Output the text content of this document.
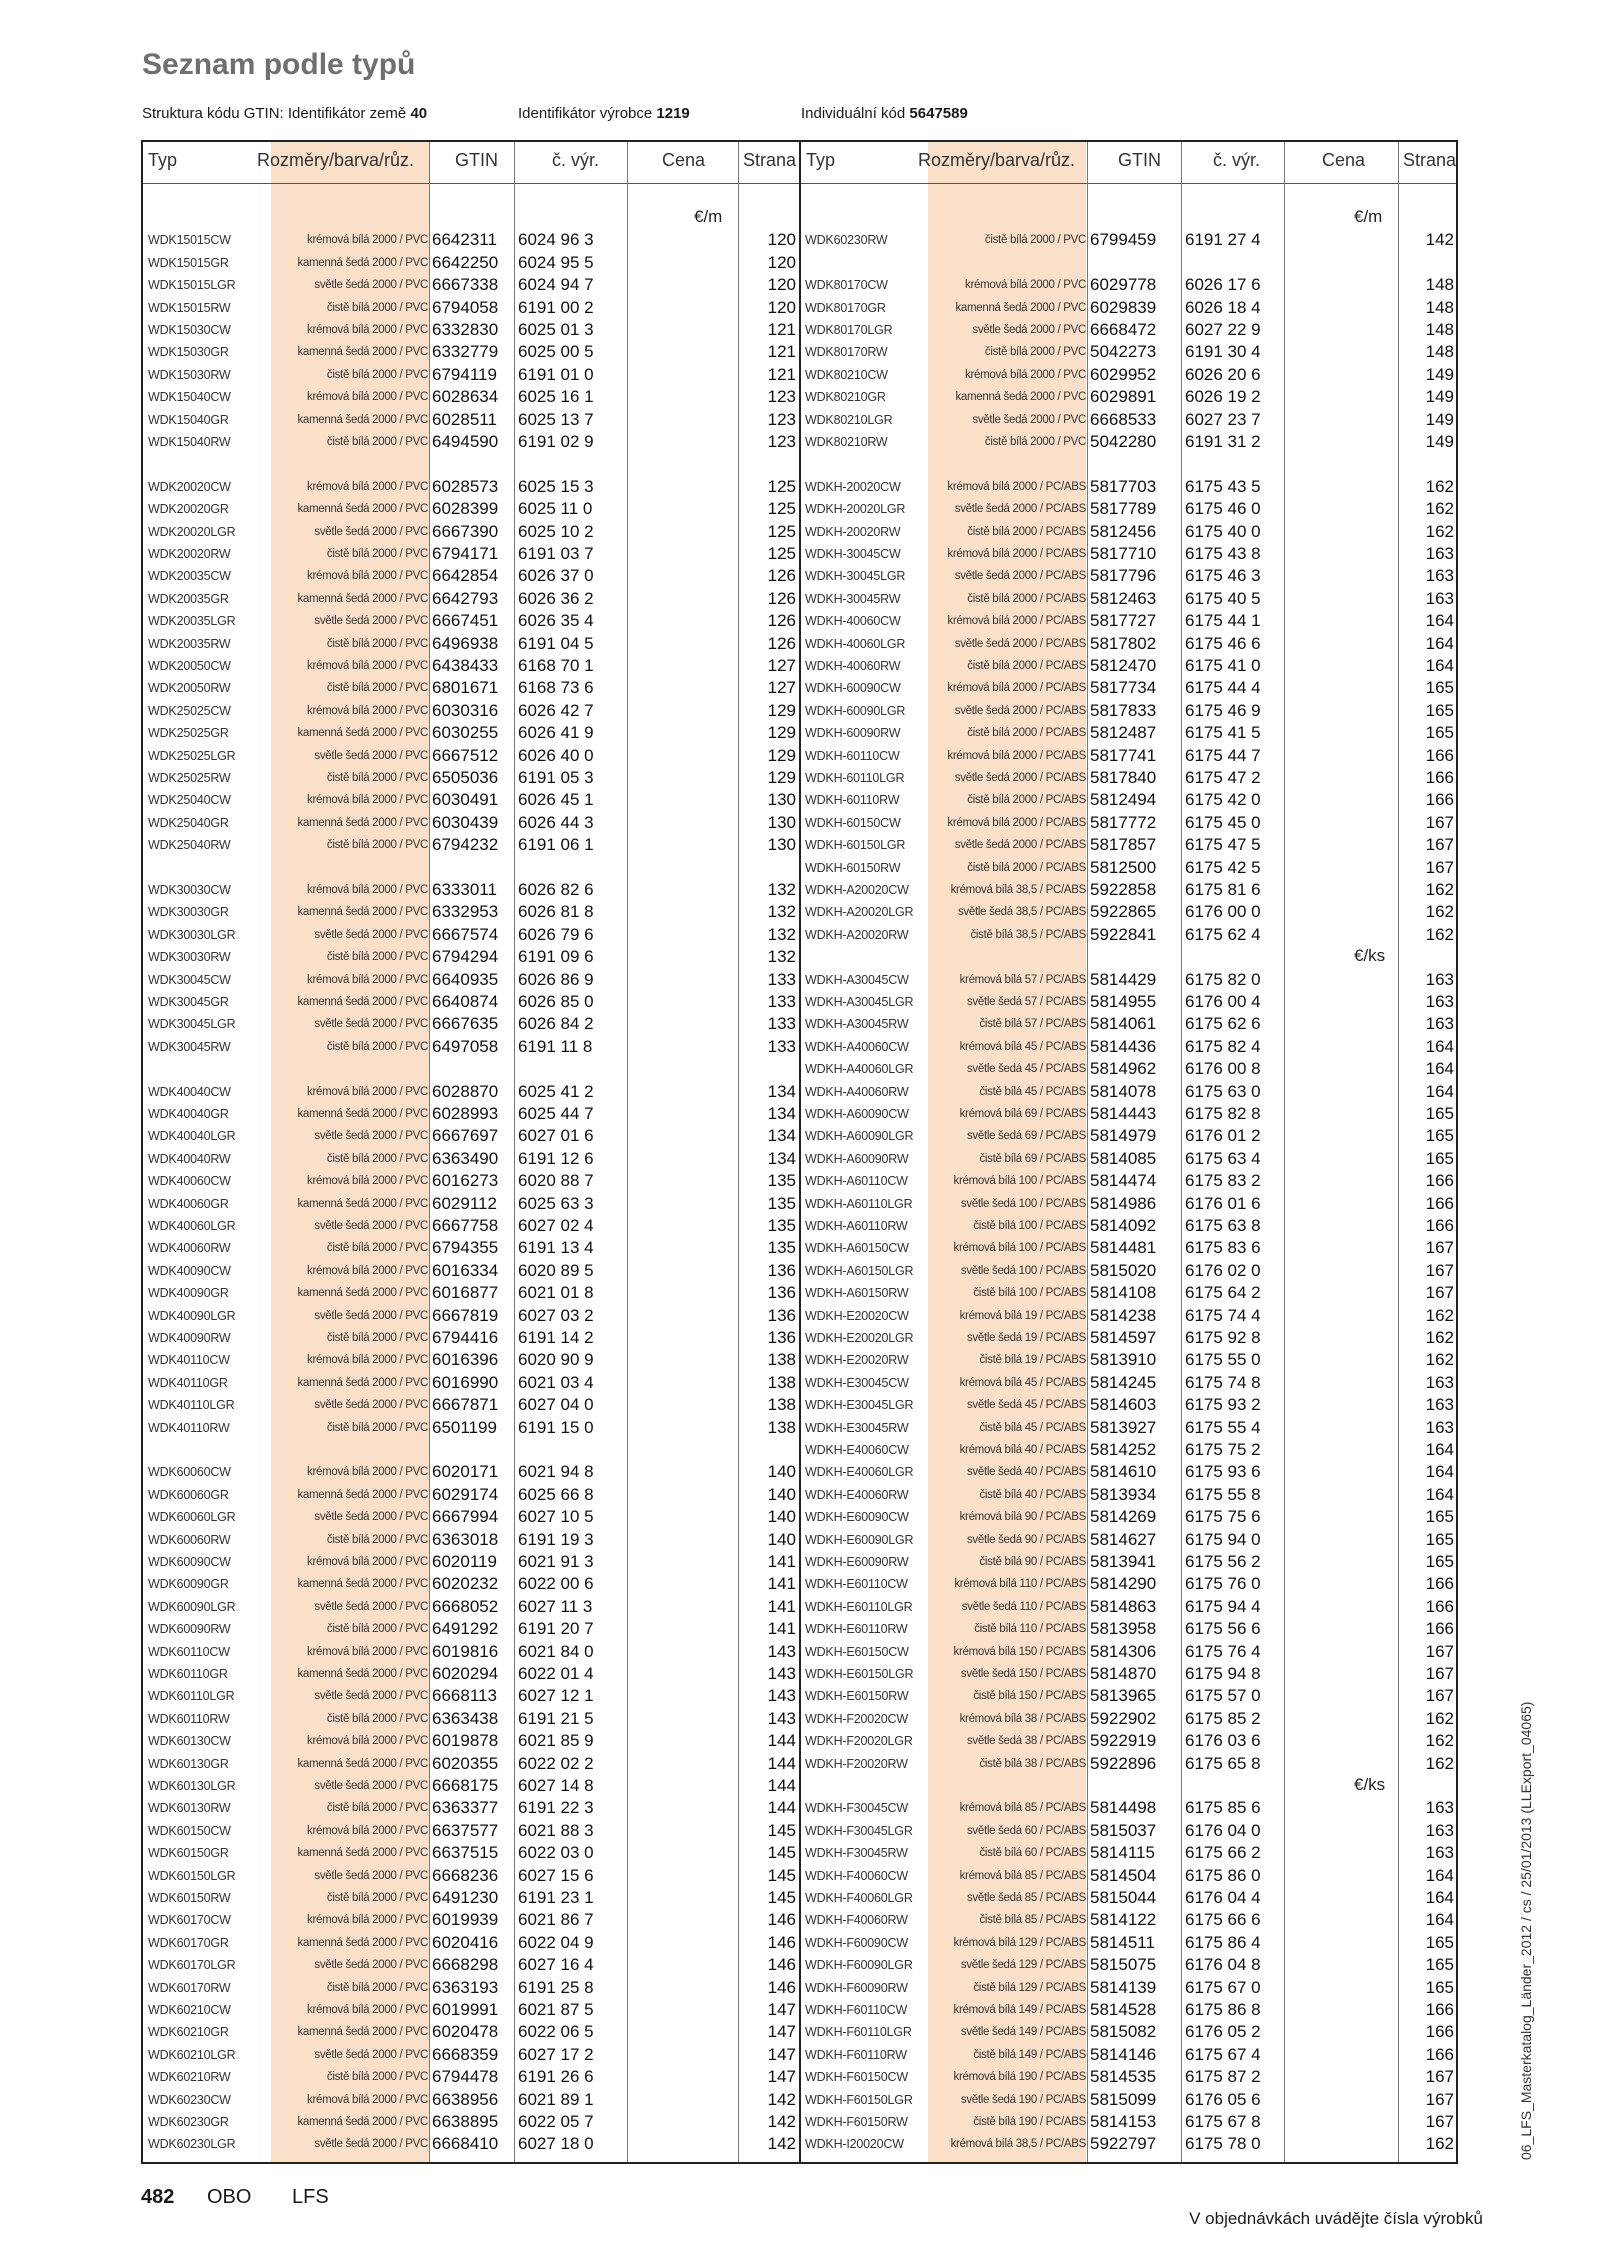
Seznam podle typů
Struktura kódu GTIN: Identifikátor země 40	Identifikátor výrobce 1219	Individuální kód 5647589
Typ	Rozměry/barva/růz. GTIN	č. výr.	Cena Strana Typ	Rozměry/barva/růz. GTIN	č. výr.	Cena Strana
€/m
WDK15015CW	krémová bílá 2000 / PVC 6642311 6024 96 3	120
WDK15015GR	kamenná šedá 2000 / PVC 6642250 6024 95 5	120
WDK15015LGR	světle šedá 2000 / PVC 6667338 6024 94 7	120
WDK15015RW	čistě bílá 2000 / PVC 6794058 6191 00 2	120
WDK15030CW	krémová bílá 2000 / PVC 6332830 6025 01 3	121
WDK15030GR	kamenná šedá 2000 / PVC 6332779 6025 00 5	121
WDK15030RW	čistě bílá 2000 / PVC 6794119 6191 01 0	121
WDK15040CW	krémová bílá 2000 / PVC 6028634 6025 16 1	123
WDK15040GR	kamenná šedá 2000 / PVC 6028511 6025 13 7	123
WDK15040RW	čistě bílá 2000 / PVC 6494590 6191 02 9	123
WDK20020CW	krémová bílá 2000 / PVC 6028573 6025 15 3	125
WDK20020GR	kamenná šedá 2000 / PVC 6028399 6025 11 0	125
WDK20020LGR	světle šedá 2000 / PVC 6667390 6025 10 2	125
WDK20020RW	čistě bílá 2000 / PVC 6794171 6191 03 7	125
WDK20035CW	krémová bílá 2000 / PVC 6642854 6026 37 0	126
WDK20035GR	kamenná šedá 2000 / PVC 6642793 6026 36 2	126
WDK20035LGR	světle šedá 2000 / PVC 6667451 6026 35 4	126
WDK20035RW	čistě bílá 2000 / PVC 6496938 6191 04 5	126
WDK20050CW	krémová bílá 2000 / PVC 6438433 6168 70 1	127
WDK20050RW	čistě bílá 2000 / PVC 6801671 6168 73 6	127
WDK25025CW	krémová bílá 2000 / PVC 6030316 6026 42 7	129
WDK25025GR	kamenná šedá 2000 / PVC 6030255 6026 41 9	129
WDK25025LGR	světle šedá 2000 / PVC 6667512 6026 40 0	129
WDK25025RW	čistě bílá 2000 / PVC 6505036 6191 05 3	129
WDK25040CW	krémová bílá 2000 / PVC 6030491 6026 45 1	130
WDK25040GR	kamenná šedá 2000 / PVC 6030439 6026 44 3	130
WDK25040RW	čistě bílá 2000 / PVC 6794232 6191 06 1	130
WDK30030CW	krémová bílá 2000 / PVC 6333011 6026 82 6	132
WDK30030GR	kamenná šedá 2000 / PVC 6332953 6026 81 8	132
WDK30030LGR	světle šedá 2000 / PVC 6667574 6026 79 6	132
WDK30030RW	čistě bílá 2000 / PVC 6794294 6191 09 6	132
WDK30045CW	krémová bílá 2000 / PVC 6640935 6026 86 9	133
WDK30045GR	kamenná šedá 2000 / PVC 6640874 6026 85 0	133
WDK30045LGR	světle šedá 2000 / PVC 6667635 6026 84 2	133
WDK30045RW	čistě bílá 2000 / PVC 6497058 6191 11 8	133
WDK40040CW	krémová bílá 2000 / PVC 6028870 6025 41 2	134
WDK40040GR	kamenná šedá 2000 / PVC 6028993 6025 44 7	134
WDK40040LGR	světle šedá 2000 / PVC 6667697 6027 01 6	134
WDK40040RW	čistě bílá 2000 / PVC 6363490 6191 12 6	134
WDK40060CW	krémová bílá 2000 / PVC 6016273 6020 88 7	135
WDK40060GR	kamenná šedá 2000 / PVC 6029112 6025 63 3	135
WDK40060LGR	světle šedá 2000 / PVC 6667758 6027 02 4	135
WDK40060RW	čistě bílá 2000 / PVC 6794355 6191 13 4	135
WDK40090CW	krémová bílá 2000 / PVC 6016334 6020 89 5	136
WDK40090GR	kamenná šedá 2000 / PVC 6016877 6021 01 8	136
WDK40090LGR	světle šedá 2000 / PVC 6667819 6027 03 2	136
WDK40090RW	čistě bílá 2000 / PVC 6794416 6191 14 2	136
WDK40110CW	krémová bílá 2000 / PVC 6016396 6020 90 9	138
WDK40110GR	kamenná šedá 2000 / PVC 6016990 6021 03 4	138
WDK40110LGR	světle šedá 2000 / PVC 6667871 6027 04 0	138
WDK40110RW	čistě bílá 2000 / PVC 6501199 6191 15 0	138
WDK60060CW	krémová bílá 2000 / PVC 6020171 6021 94 8	140
WDK60060GR	kamenná šedá 2000 / PVC 6029174 6025 66 8	140
WDK60060LGR	světle šedá 2000 / PVC 6667994 6027 10 5	140
WDK60060RW	čistě bílá 2000 / PVC 6363018 6191 19 3	140
WDK60090CW	krémová bílá 2000 / PVC 6020119 6021 91 3	141
WDK60090GR	kamenná šedá 2000 / PVC 6020232 6022 00 6	141
WDK60090LGR	světle šedá 2000 / PVC 6668052 6027 11 3	141
WDK60090RW	čistě bílá 2000 / PVC 6491292 6191 20 7	141
WDK60110CW	krémová bílá 2000 / PVC 6019816 6021 84 0	143
WDK60110GR	kamenná šedá 2000 / PVC 6020294 6022 01 4	143
WDK60110LGR	světle šedá 2000 / PVC 6668113 6027 12 1	143
WDK60110RW	čistě bílá 2000 / PVC 6363438 6191 21 5	143
WDK60130CW	krémová bílá 2000 / PVC 6019878 6021 85 9	144
WDK60130GR	kamenná šedá 2000 / PVC 6020355 6022 02 2	144
WDK60130LGR	světle šedá 2000 / PVC 6668175 6027 14 8	144
WDK60130RW	čistě bílá 2000 / PVC 6363377 6191 22 3	144
WDK60150CW	krémová bílá 2000 / PVC 6637577 6021 88 3	145
WDK60150GR	kamenná šedá 2000 / PVC 6637515 6022 03 0	145
WDK60150LGR	světle šedá 2000 / PVC 6668236 6027 15 6	145
WDK60150RW	čistě bílá 2000 / PVC 6491230 6191 23 1	145
WDK60170CW	krémová bílá 2000 / PVC 6019939 6021 86 7	146
WDK60170GR	kamenná šedá 2000 / PVC 6020416 6022 04 9	146
WDK60170LGR	světle šedá 2000 / PVC 6668298 6027 16 4	146
WDK60170RW	čistě bílá 2000 / PVC 6363193 6191 25 8	146
WDK60210CW	krémová bílá 2000 / PVC 6019991 6021 87 5	147
WDK60210GR	kamenná šedá 2000 / PVC 6020478 6022 06 5	147
WDK60210LGR	světle šedá 2000 / PVC 6668359 6027 17 2	147
WDK60210RW	čistě bílá 2000 / PVC 6794478 6191 26 6	147
WDK60230CW	krémová bílá 2000 / PVC 6638956 6021 89 1	142
WDK60230GR	kamenná šedá 2000 / PVC 6638895 6022 05 7	142
WDK60230LGR	světle šedá 2000 / PVC 6668410 6027 18 0	142
€/m
WDK60230RW	čistě bílá 2000 / PVC 6799459 6191 27 4	142
WDK80170CW	krémová bílá 2000 / PVC 6029778 6026 17 6	148
WDK80170GR	kamenná šedá 2000 / PVC 6029839 6026 18 4	148
WDK80170LGR	světle šedá 2000 / PVC 6668472 6027 22 9	148
WDK80170RW	čistě bílá 2000 / PVC 5042273 6191 30 4	148
WDK80210CW	krémová bílá 2000 / PVC 6029952 6026 20 6	149
WDK80210GR	kamenná šedá 2000 / PVC 6029891 6026 19 2	149
WDK80210LGR	světle šedá 2000 / PVC 6668533 6027 23 7	149
WDK80210RW	čistě bílá 2000 / PVC 5042280 6191 31 2	149
WDKH-20020CW	krémová bílá 2000 / PC/ABS 5817703 6175 43 5	162
WDKH-20020LGR	světle šedá 2000 / PC/ABS 5817789 6175 46 0	162
WDKH-20020RW	čistě bílá 2000 / PC/ABS 5812456 6175 40 0	162
WDKH-30045CW	krémová bílá 2000 / PC/ABS 5817710 6175 43 8	163
WDKH-30045LGR	světle šedá 2000 / PC/ABS 5817796 6175 46 3	163
WDKH-30045RW	čistě bílá 2000 / PC/ABS 5812463 6175 40 5	163
WDKH-40060CW	krémová bílá 2000 / PC/ABS 5817727 6175 44 1	164
WDKH-40060LGR	světle šedá 2000 / PC/ABS 5817802 6175 46 6	164
WDKH-40060RW	čistě bílá 2000 / PC/ABS 5812470 6175 41 0	164
WDKH-60090CW	krémová bílá 2000 / PC/ABS 5817734 6175 44 4	165
WDKH-60090LGR	světle šedá 2000 / PC/ABS 5817833 6175 46 9	165
WDKH-60090RW	čistě bílá 2000 / PC/ABS 5812487 6175 41 5	165
WDKH-60110CW	krémová bílá 2000 / PC/ABS 5817741 6175 44 7	166
WDKH-60110LGR	světle šedá 2000 / PC/ABS 5817840 6175 47 2	166
WDKH-60110RW	čistě bílá 2000 / PC/ABS 5812494 6175 42 0	166
WDKH-60150CW	krémová bílá 2000 / PC/ABS 5817772 6175 45 0	167
WDKH-60150LGR	světle šedá 2000 / PC/ABS 5817857 6175 47 5	167
WDKH-60150RW	čistě bílá 2000 / PC/ABS 5812500 6175 42 5	167
WDKH-A20020CW	krémová bílá 38,5 / PC/ABS 5922858 6175 81 6	162
WDKH-A20020LGR	světle šedá 38,5 / PC/ABS 5922865 6176 00 0	162
WDKH-A20020RW	čistě bílá 38,5 / PC/ABS 5922841 6175 62 4	162
€/ks
WDKH-A30045CW	krémová bílá 57 / PC/ABS 5814429 6175 82 0	163
WDKH-A30045LGR	světle šedá 57 / PC/ABS 5814955 6176 00 4	163
WDKH-A30045RW	čistě bílá 57 / PC/ABS 5814061 6175 62 6	163
WDKH-A40060CW	krémová bílá 45 / PC/ABS 5814436 6175 82 4	164
WDKH-A40060LGR	světle šedá 45 / PC/ABS 5814962 6176 00 8	164
WDKH-A40060RW	čistě bílá 45 / PC/ABS 5814078 6175 63 0	164
WDKH-A60090CW	krémová bílá 69 / PC/ABS 5814443 6175 82 8	165
WDKH-A60090LGR	světle šedá 69 / PC/ABS 5814979 6176 01 2	165
WDKH-A60090RW	čistě bílá 69 / PC/ABS 5814085 6175 63 4	165
WDKH-A60110CW	krémová bílá 100 / PC/ABS 5814474 6175 83 2	166
WDKH-A60110LGR	světle šedá 100 / PC/ABS 5814986 6176 01 6	166
WDKH-A60110RW	čistě bílá 100 / PC/ABS 5814092 6175 63 8	166
WDKH-A60150CW	krémová bílá 100 / PC/ABS 5814481 6175 83 6	167
WDKH-A60150LGR	světle šedá 100 / PC/ABS 5815020 6176 02 0	167
WDKH-A60150RW	čistě bílá 100 / PC/ABS 5814108 6175 64 2	167
WDKH-E20020CW	krémová bílá 19 / PC/ABS 5814238 6175 74 4	162
WDKH-E20020LGR	světle šedá 19 / PC/ABS 5814597 6175 92 8	162
WDKH-E20020RW	čistě bílá 19 / PC/ABS 5813910 6175 55 0	162
WDKH-E30045CW	krémová bílá 45 / PC/ABS 5814245 6175 74 8	163
WDKH-E30045LGR	světle šedá 45 / PC/ABS 5814603 6175 93 2	163
WDKH-E30045RW	čistě bílá 45 / PC/ABS 5813927 6175 55 4	163
WDKH-E40060CW	krémová bílá 40 / PC/ABS 5814252 6175 75 2	164
WDKH-E40060LGR	světle šedá 40 / PC/ABS 5814610 6175 93 6	164
WDKH-E40060RW	čistě bílá 40 / PC/ABS 5813934 6175 55 8	164
WDKH-E60090CW	krémová bílá 90 / PC/ABS 5814269 6175 75 6	165
WDKH-E60090LGR	světle šedá 90 / PC/ABS 5814627 6175 94 0	165
WDKH-E60090RW	čistě bílá 90 / PC/ABS 5813941 6175 56 2	165
WDKH-E60110CW	krémová bílá 110 / PC/ABS 5814290 6175 76 0	166
WDKH-E60110LGR	světle šedá 110 / PC/ABS 5814863 6175 94 4	166
WDKH-E60110RW	čistě bílá 110 / PC/ABS 5813958 6175 56 6	166
WDKH-E60150CW	krémová bílá 150 / PC/ABS 5814306 6175 76 4	167
WDKH-E60150LGR	světle šedá 150 / PC/ABS 5814870 6175 94 8	167
WDKH-E60150RW	čistě bílá 150 / PC/ABS 5813965 6175 57 0	167
WDKH-F20020CW	krémová bílá 38 / PC/ABS 5922902 6175 85 2	162
WDKH-F20020LGR	světle šedá 38 / PC/ABS 5922919 6176 03 6	162
WDKH-F20020RW	čistě bílá 38 / PC/ABS 5922896 6175 65 8	162
€/ks
WDKH-F30045CW	krémová bílá 85 / PC/ABS 5814498 6175 85 6	163
WDKH-F30045LGR	světle šedá 60 / PC/ABS 5815037 6176 04 0	163
WDKH-F30045RW	čistě bílá 60 / PC/ABS 5814115 6175 66 2	163
WDKH-F40060CW	krémová bílá 85 / PC/ABS 5814504 6175 86 0	164
WDKH-F40060LGR	světle šedá 85 / PC/ABS 5815044 6176 04 4	164
WDKH-F40060RW	čistě bílá 85 / PC/ABS 5814122 6175 66 6	164
WDKH-F60090CW	krémová bílá 129 / PC/ABS 5814511 6175 86 4	165
WDKH-F60090LGR	světle šedá 129 / PC/ABS 5815075 6176 04 8	165
WDKH-F60090RW	čistě bílá 129 / PC/ABS 5814139 6175 67 0	165
WDKH-F60110CW	krémová bílá 149 / PC/ABS 5814528 6175 86 8	166
WDKH-F60110LGR	světle šedá 149 / PC/ABS 5815082 6176 05 2	166
WDKH-F60110RW	čistě bílá 149 / PC/ABS 5814146 6175 67 4	166
WDKH-F60150CW	krémová bílá 190 / PC/ABS 5814535 6175 87 2	167
WDKH-F60150LGR	světle šedá 190 / PC/ABS 5815099 6176 05 6	167
WDKH-F60150RW	čistě bílá 190 / PC/ABS 5814153 6175 67 8	167
WDKH-I20020CW	krémová bílá 38,5 / PC/ABS 5922797 6175 78 0	162
482 OBO LFS
V objednávkách uvádějte čísla výrobků
06_LFS_Masterkatalog_Länder_2012 / cs / 25/01/2013 (LLExport_04065)
